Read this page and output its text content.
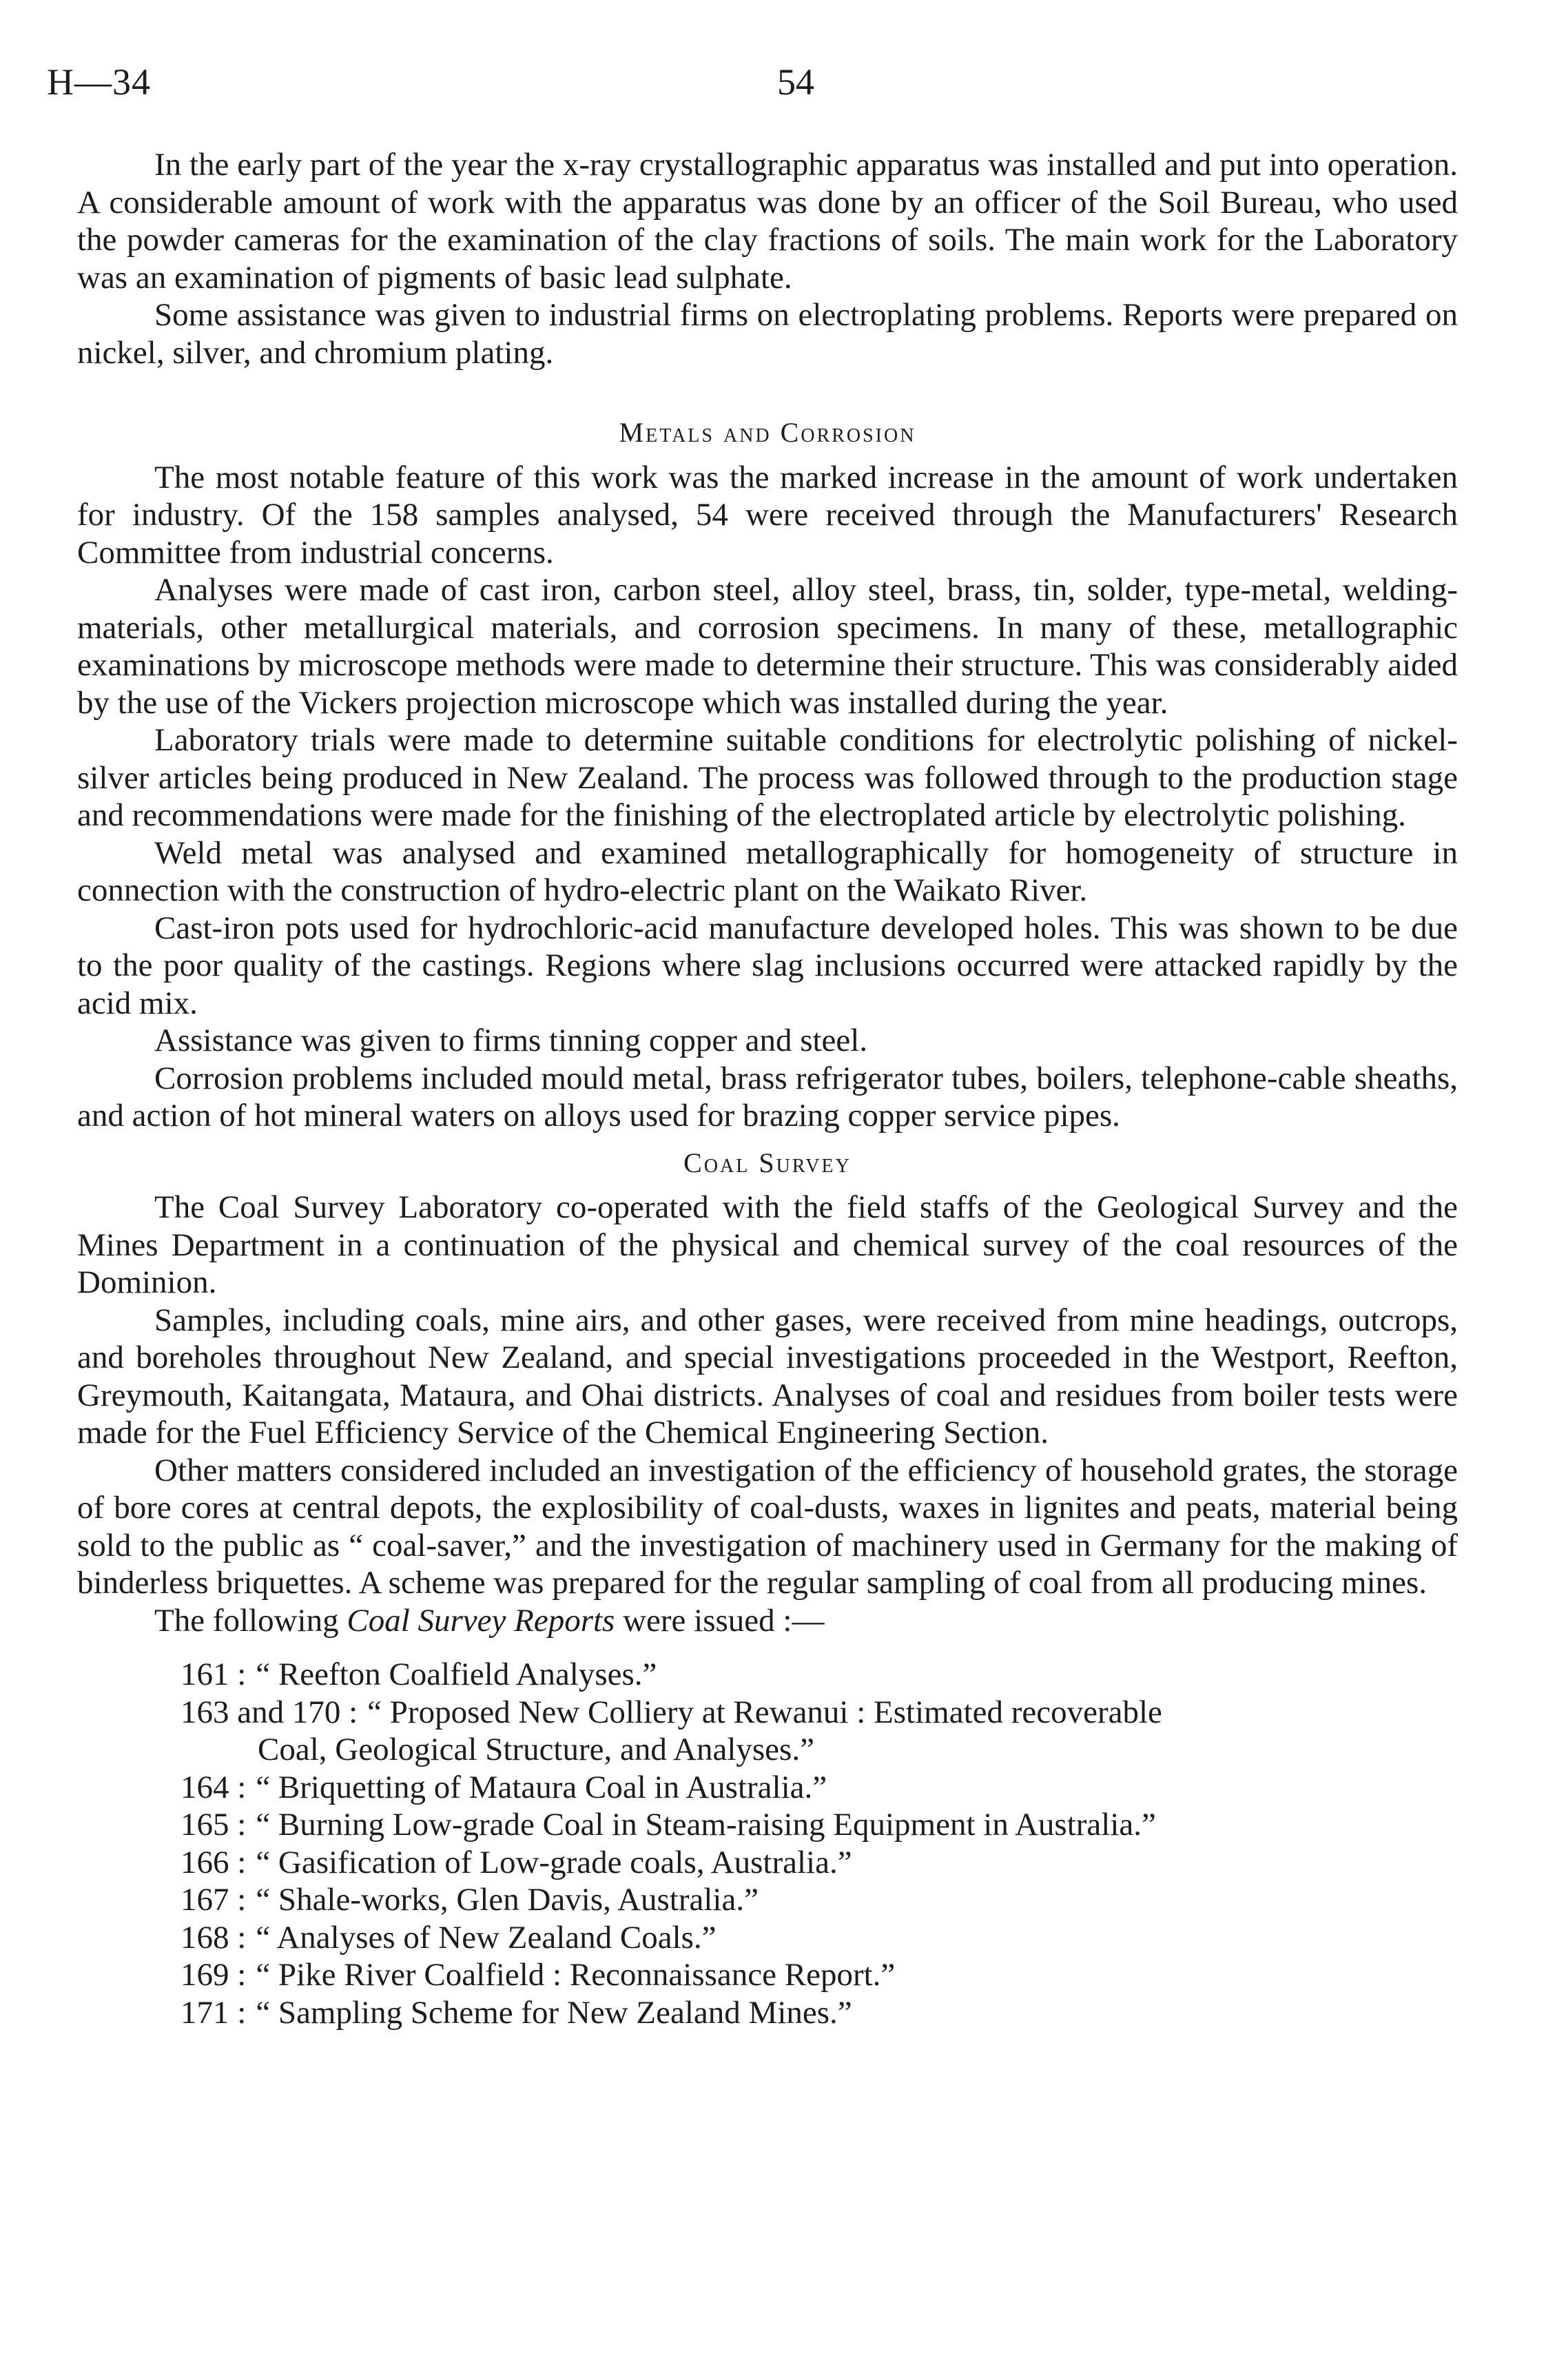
H—34	54

In the early part of the year the x-ray crystallographic apparatus was installed and put into operation. A considerable amount of work with the apparatus was done by an officer of the Soil Bureau, who used the powder cameras for the examination of the clay fractions of soils. The main work for the Laboratory was an examination of pigments of basic lead sulphate.

Some assistance was given to industrial firms on electroplating problems. Reports were prepared on nickel, silver, and chromium plating.

Metals and Corrosion

The most notable feature of this work was the marked increase in the amount of work undertaken for industry. Of the 158 samples analysed, 54 were received through the Manufacturers' Research Committee from industrial concerns.

Analyses were made of cast iron, carbon steel, alloy steel, brass, tin, solder, type-metal, welding-materials, other metallurgical materials, and corrosion specimens. In many of these, metallographic examinations by microscope methods were made to determine their structure. This was considerably aided by the use of the Vickers projection microscope which was installed during the year.

Laboratory trials were made to determine suitable conditions for electrolytic polishing of nickel-silver articles being produced in New Zealand. The process was followed through to the production stage and recommendations were made for the finishing of the electroplated article by electrolytic polishing.

Weld metal was analysed and examined metallographically for homogeneity of structure in connection with the construction of hydro-electric plant on the Waikato River.

Cast-iron pots used for hydrochloric-acid manufacture developed holes. This was shown to be due to the poor quality of the castings. Regions where slag inclusions occurred were attacked rapidly by the acid mix.

Assistance was given to firms tinning copper and steel.

Corrosion problems included mould metal, brass refrigerator tubes, boilers, telephone-cable sheaths, and action of hot mineral waters on alloys used for brazing copper service pipes.

Coal Survey

The Coal Survey Laboratory co-operated with the field staffs of the Geological Survey and the Mines Department in a continuation of the physical and chemical survey of the coal resources of the Dominion.

Samples, including coals, mine airs, and other gases, were received from mine headings, outcrops, and boreholes throughout New Zealand, and special investigations proceeded in the Westport, Reefton, Greymouth, Kaitangata, Mataura, and Ohai districts. Analyses of coal and residues from boiler tests were made for the Fuel Efficiency Service of the Chemical Engineering Section.

Other matters considered included an investigation of the efficiency of household grates, the storage of bore cores at central depots, the explosibility of coal-dusts, waxes in lignites and peats, material being sold to the public as “ coal-saver,” and the investigation of machinery used in Germany for the making of binderless briquettes. A scheme was prepared for the regular sampling of coal from all producing mines.

The following Coal Survey Reports were issued :—

161 : “ Reefton Coalfield Analyses.”
163 and 170 : “ Proposed New Colliery at Rewanui : Estimated recoverable
Coal, Geological Structure, and Analyses.”
164 : “ Briquetting of Mataura Coal in Australia.”
165 : “ Burning Low-grade Coal in Steam-raising Equipment in Australia.”
166 : “ Gasification of Low-grade coals, Australia.”
167 : “ Shale-works, Glen Davis, Australia.”
168 : “ Analyses of New Zealand Coals.”
169 : “ Pike River Coalfield : Reconnaissance Report.”
171 : “ Sampling Scheme for New Zealand Mines.”
